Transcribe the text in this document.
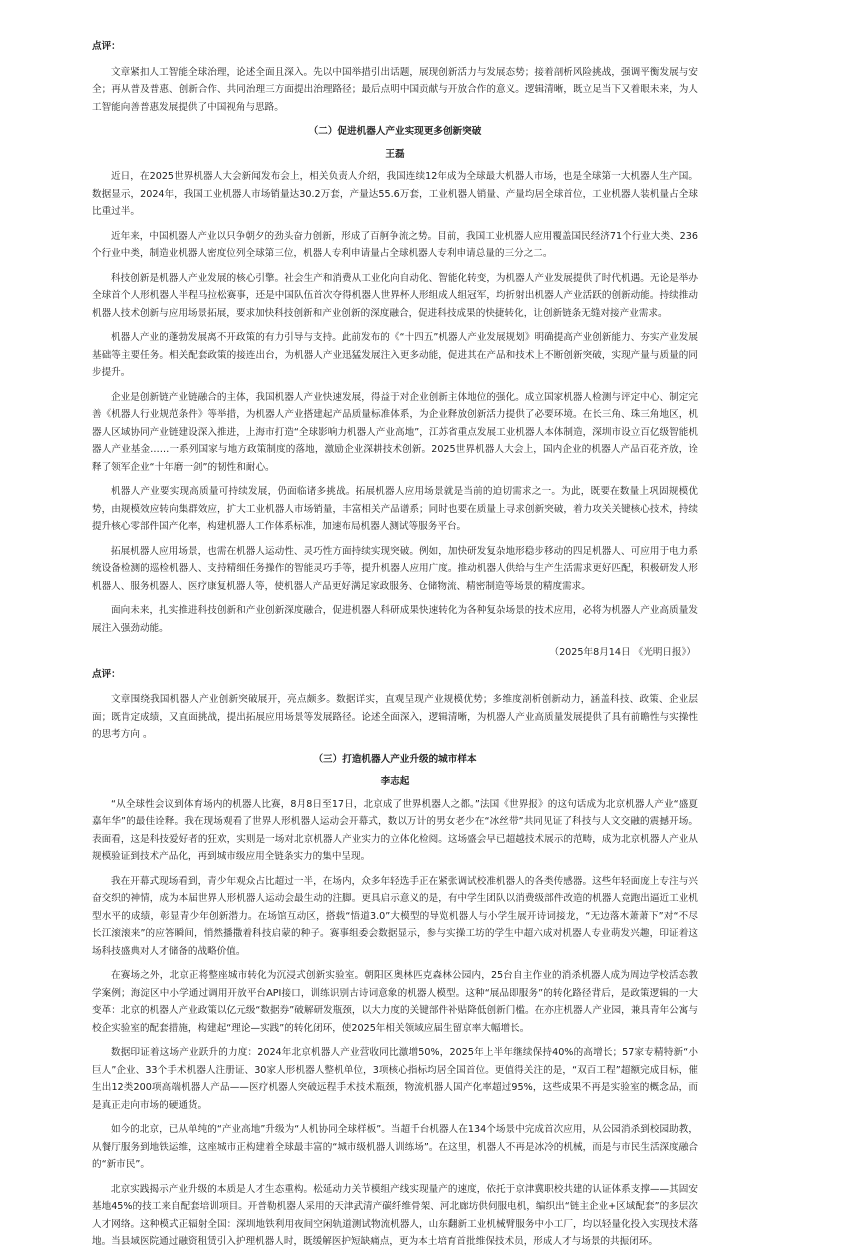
点评：

文章紧扣人工智能全球治理，论述全面且深入。先以中国举措引出话题，展现创新活力与发展态势；接着剖析风险挑战，强调平衡发展与安全；再从普及普惠、创新合作、共同治理三方面提出治理路径；最后点明中国贡献与开放合作的意义。逻辑清晰，既立足当下又着眼未来，为人工智能向善普惠发展提供了中国视角与思路。

（二）促进机器人产业实现更多创新突破

王磊

近日，在2025世界机器人大会新闻发布会上，相关负责人介绍，我国连续12年成为全球最大机器人市场，也是全球第一大机器人生产国。数据显示，2024年，我国工业机器人市场销量达30.2万套，产量达55.6万套，工业机器人销量、产量均居全球首位，工业机器人装机量占全球比重过半。

近年来，中国机器人产业以只争朝夕的劲头奋力创新，形成了百舸争流之势。目前，我国工业机器人应用覆盖国民经济71个行业大类、236个行业中类，制造业机器人密度位列全球第三位，机器人专利申请量占全球机器人专利申请总量的三分之二。

科技创新是机器人产业发展的核心引擎。社会生产和消费从工业化向自动化、智能化转变，为机器人产业发展提供了时代机遇。无论是举办全球首个人形机器人半程马拉松赛事，还是中国队伍首次夺得机器人世界杯人形组成人组冠军，均折射出机器人产业活跃的创新动能。持续推动机器人技术创新与应用场景拓展，要求加快科技创新和产业创新的深度融合，促进科技成果的快捷转化，让创新链条无缝对接产业需求。

机器人产业的蓬勃发展离不开政策的有力引导与支持。此前发布的《“十四五”机器人产业发展规划》明确提高产业创新能力、夯实产业发展基础等主要任务。相关配套政策的接连出台，为机器人产业迅猛发展注入更多动能，促进其在产品和技术上不断创新突破，实现产量与质量的同步提升。

企业是创新链产业链融合的主体，我国机器人产业快速发展，得益于对企业创新主体地位的强化。成立国家机器人检测与评定中心、制定完善《机器人行业规范条件》等举措，为机器人产业搭建起产品质量标准体系，为企业释放创新活力提供了必要环境。在长三角、珠三角地区，机器人区域协同产业链建设深入推进，上海市打造“全球影响力机器人产业高地”，江苏省重点发展工业机器人本体制造，深圳市设立百亿级智能机器人产业基金……一系列国家与地方政策制度的落地，激励企业深耕技术创新。2025世界机器人大会上，国内企业的机器人产品百花齐放，诠释了领军企业“十年磨一剑”的韧性和耐心。

机器人产业要实现高质量可持续发展，仍面临诸多挑战。拓展机器人应用场景就是当前的迫切需求之一。为此，既要在数量上巩固规模优势，由规模效应转向集群效应，扩大工业机器人市场销量，丰富相关产品谱系；同时也要在质量上寻求创新突破，着力攻关关键核心技术，持续提升核心零部件国产化率，构建机器人工作体系标准，加速布局机器人测试等服务平台。

拓展机器人应用场景，也需在机器人运动性、灵巧性方面持续实现突破。例如，加快研发复杂地形稳步移动的四足机器人、可应用于电力系统设备检测的巡检机器人、支持精细任务操作的智能灵巧手等，提升机器人应用广度。推动机器人供给与生产生活需求更好匹配，积极研发人形机器人、服务机器人、医疗康复机器人等，使机器人产品更好满足家政服务、仓储物流、精密制造等场景的精度需求。

面向未来，扎实推进科技创新和产业创新深度融合，促进机器人科研成果快速转化为各种复杂场景的技术应用，必将为机器人产业高质量发展注入强劲动能。

（2025年8月14日 《光明日报》）

点评：

文章围绕我国机器人产业创新突破展开，亮点颇多。数据详实，直观呈现产业规模优势；多维度剖析创新动力，涵盖科技、政策、企业层面；既肯定成绩，又直面挑战，提出拓展应用场景等发展路径。论述全面深入，逻辑清晰，为机器人产业高质量发展提供了具有前瞻性与实操性的思考方向 。

（三）打造机器人产业升级的城市样本

李志起

“从全球性会议到体育场内的机器人比赛，8月8日至17日，北京成了世界机器人之都。”法国《世界报》的这句话成为北京机器人产业“盛夏嘉年华”的最佳诠释。我在现场观看了世界人形机器人运动会开幕式，数以万计的男女老少在“冰丝带”共同见证了科技与人文交融的震撼开场。表面看，这是科技爱好者的狂欢，实则是一场对北京机器人产业实力的立体化检阅。这场盛会早已超越技术展示的范畴，成为北京机器人产业从规模验证到技术产品化，再到城市级应用全链条实力的集中呈现。

我在开幕式现场看到，青少年观众占比超过一半，在场内，众多年轻选手正在紧张调试校准机器人的各类传感器。这些年轻面庞上专注与兴奋交织的神情，成为本届世界人形机器人运动会最生动的注脚。更具启示意义的是，有中学生团队以消费级部件改造的机器人竞跑出逼近工业机型水平的成绩，彰显青少年创新潜力。在场馆互动区，搭载“悟道3.0”大模型的导览机器人与小学生展开诗词接龙，“无边落木萧萧下”对“不尽长江滚滚来”的应答瞬间，悄然播撒着科技启蒙的种子。赛事组委会数据显示，参与实操工坊的学生中超六成对机器人专业萌发兴趣，印证着这场科技盛典对人才储备的战略价值。

在赛场之外，北京正将整座城市转化为沉浸式创新实验室。朝阳区奥林匹克森林公园内，25台自主作业的消杀机器人成为周边学校活态教学案例；海淀区中小学通过调用开放平台API接口，训练识别古诗词意象的机器人模型。这种“展品即服务”的转化路径背后，是政策逻辑的一大变革：北京的机器人产业政策以亿元级“数据券”破解研发瓶颈，以大力度的关键部件补贴降低创新门槛。在亦庄机器人产业园，兼具青年公寓与校企实验室的配套措施，构建起“理论—实践”的转化闭环，使2025年相关领域应届生留京率大幅增长。

数据印证着这场产业跃升的力度：2024年北京机器人产业营收同比激增50%，2025年上半年继续保持40%的高增长；57家专精特新“小巨人”企业、33个手术机器人注册证、30家人形机器人整机单位，3项核心指标均居全国首位。更值得关注的是，“双百工程”超额完成目标，催生出12类200项高端机器人产品——医疗机器人突破远程手术技术瓶颈，物流机器人国产化率超过95%，这些成果不再是实验室的概念品，而是真正走向市场的硬通货。

如今的北京，已从单纯的“产业高地”升级为“人机协同全球样板”。当超千台机器人在134个场景中完成首次应用，从公园消杀到校园助教，从餐厅服务到地铁运维，这座城市正构建着全球最丰富的“城市级机器人训练场”。在这里，机器人不再是冰冷的机械，而是与市民生活深度融合的“新市民”。

北京实践揭示产业升级的本质是人才生态重构。松延动力关节模组产线实现量产的速度，依托于京津冀职校共建的认证体系支撑——其固安基地45%的技工来自配套培训项目。开普勒机器人采用的天津武清产碳纤维骨架、河北廊坊供伺服电机，编织出“链主企业+区域配套”的多层次人才网络。这种模式正辐射全国：深圳地铁利用夜间空闲轨道测试物流机器人，山东翻新工业机械臂服务中小工厂，均以轻量化投入实现技术落地。当县域医院通过融资租赁引入护理机器人时，既缓解医护短缺痛点，更为本土培育首批维保技术员，形成人才与场景的共振闭环。
